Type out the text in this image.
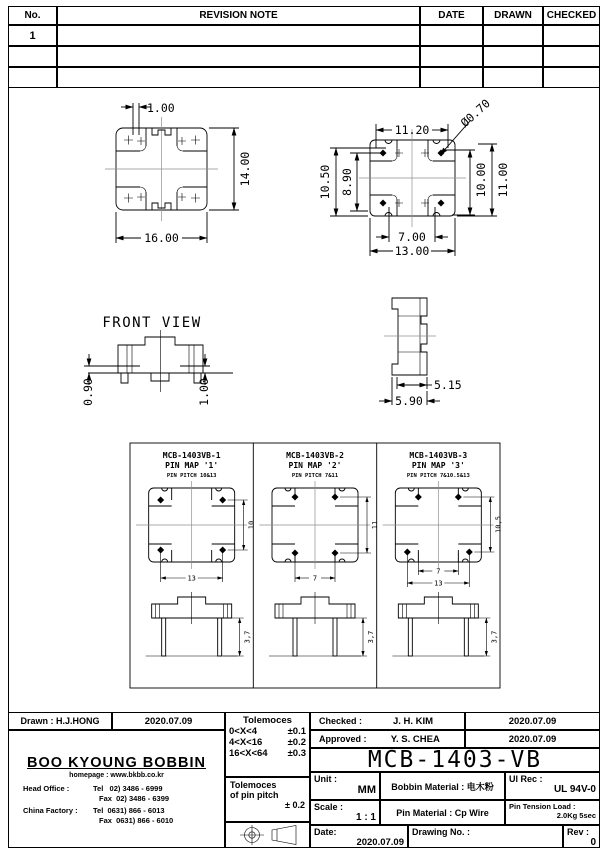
No.	REVISION NOTE	DATE	DRAWN	CHECKED
1
1.00
14.00
16.00
11.20
Ø0.70
10.50 8.90	10.00 11.00
7.00
13.00
FRONT VIEW
0.90	1.00	5.15
5.90
MCB-1403VB-1
PIN MAP '1'
PIN PITCH 10&13
10
13
3,7
MCB-1403VB-2
PIN MAP '2'
PIN PITCH 7&11
11
7
3,7
MCB-1403VB-3
PIN MAP '3'
PIN PITCH 7&10.5&13
10,5
7
13
3,7
Drawn : H.J.HONG	2020.07.09
BOO KYOUNG BOBBIN
homepage : www.bkbb.co.kr
Head Office :	Tel   02) 3486 - 6999
Fax  02) 3486 - 6399
China Factory :	Tel  0631) 866 - 6013
Fax  0631) 866 - 6010
Tolemoces
0<X<4	±0.1
4<X<16	±0.2
16<X<64 ±0.3
Tolemoces
of pin pitch
± 0.2
Checked :	J. H. KIM	2020.07.09
Approved :	Y. S. CHEA	2020.07.09
MCB-1403-VB
Unit :
MM	Bobbin Material : 电木粉
Ul Rec :
UL 94V-0
Scale :
1 : 1	Pin Material : Cp Wire
Pin Tension Load :
2.0Kg 5sec
Date:
2020.07.09
Drawing No. :	Rev :
0
